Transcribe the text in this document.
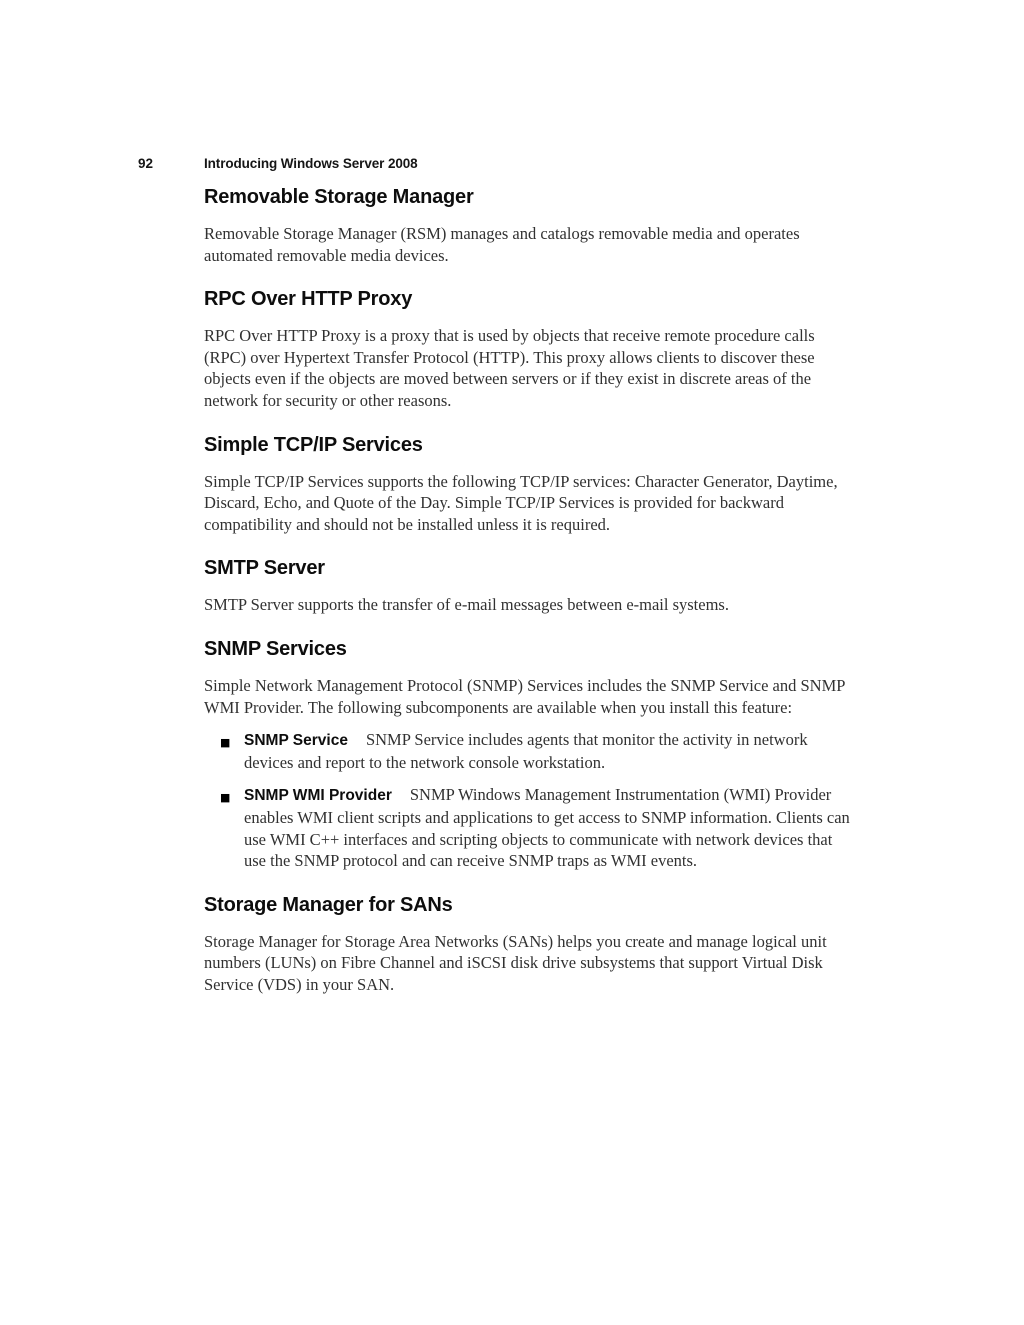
92	Introducing Windows Server 2008
Removable Storage Manager

Removable Storage Manager (RSM) manages and catalogs removable media and operates automated removable media devices.

RPC Over HTTP Proxy

RPC Over HTTP Proxy is a proxy that is used by objects that receive remote procedure calls (RPC) over Hypertext Transfer Protocol (HTTP). This proxy allows clients to discover these objects even if the objects are moved between servers or if they exist in discrete areas of the network for security or other reasons.

Simple TCP/IP Services

Simple TCP/IP Services supports the following TCP/IP services: Character Generator, Daytime, Discard, Echo, and Quote of the Day. Simple TCP/IP Services is provided for backward compatibility and should not be installed unless it is required.

SMTP Server

SMTP Server supports the transfer of e-mail messages between e-mail systems.

SNMP Services

Simple Network Management Protocol (SNMP) Services includes the SNMP Service and SNMP WMI Provider. The following subcomponents are available when you install this feature:

■ SNMP Service SNMP Service includes agents that monitor the activity in network devices and report to the network console workstation.
■ SNMP WMI Provider SNMP Windows Management Instrumentation (WMI) Provider enables WMI client scripts and applications to get access to SNMP information. Clients can use WMI C++ interfaces and scripting objects to communicate with network devices that use the SNMP protocol and can receive SNMP traps as WMI events.
Storage Manager for SANs

Storage Manager for Storage Area Networks (SANs) helps you create and manage logical unit numbers (LUNs) on Fibre Channel and iSCSI disk drive subsystems that support Virtual Disk Service (VDS) in your SAN.
